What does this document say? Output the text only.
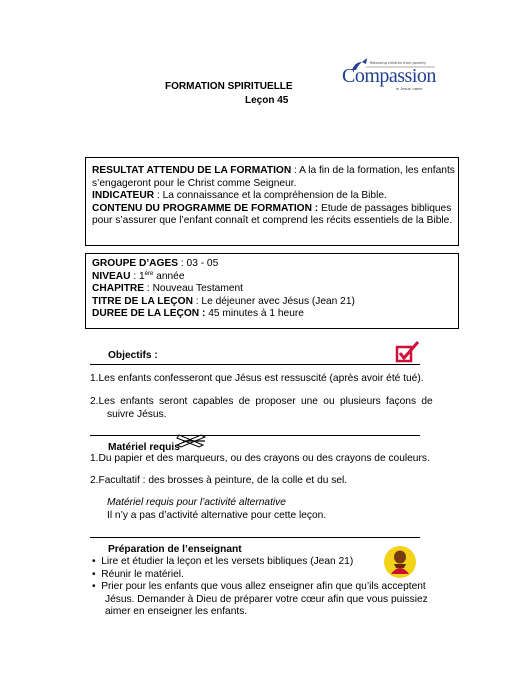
FORMATION SPIRITUELLE
Leçon 45
Releasing children from poverty
Compassion
in Jesus' name
RESULTAT ATTENDU DE LA FORMATION : A la fin de la formation, les enfants
s’engageront pour le Christ comme Seigneur.
INDICATEUR : La connaissance et la compréhension de la Bible.
CONTENU DU PROGRAMME DE FORMATION : Etude de passages bibliques
pour s’assurer que l’enfant connaît et comprend les récits essentiels de la Bible.
GROUPE D’AGES : 03 - 05
NIVEAU : 1ère année
CHAPITRE : Nouveau Testament
TITRE DE LA LEÇON : Le déjeuner avec Jésus (Jean 21)
DUREE DE LA LEÇON : 45 minutes à 1 heure
Objectifs :
1.Les enfants confesseront que Jésus est ressuscité (après avoir été tué).
2.Les enfants seront capables de proposer une ou plusieurs façons de
suivre Jésus.
Matériel requis
1.Du papier et des marqueurs, ou des crayons ou des crayons de couleurs.
2.Facultatif : des brosses à peinture, de la colle et du sel.
Matériel requis pour l’activité alternative
Il n’y a pas d’activité alternative pour cette leçon.
Préparation de l’enseignant
•  Lire et étudier la leçon et les versets bibliques (Jean 21)
•  Réunir le matériel.
•  Prier pour les enfants que vous allez enseigner afin que qu’ils acceptent
Jésus. Demander à Dieu de préparer votre cœur afin que vous puissiez
aimer en enseigner les enfants.
